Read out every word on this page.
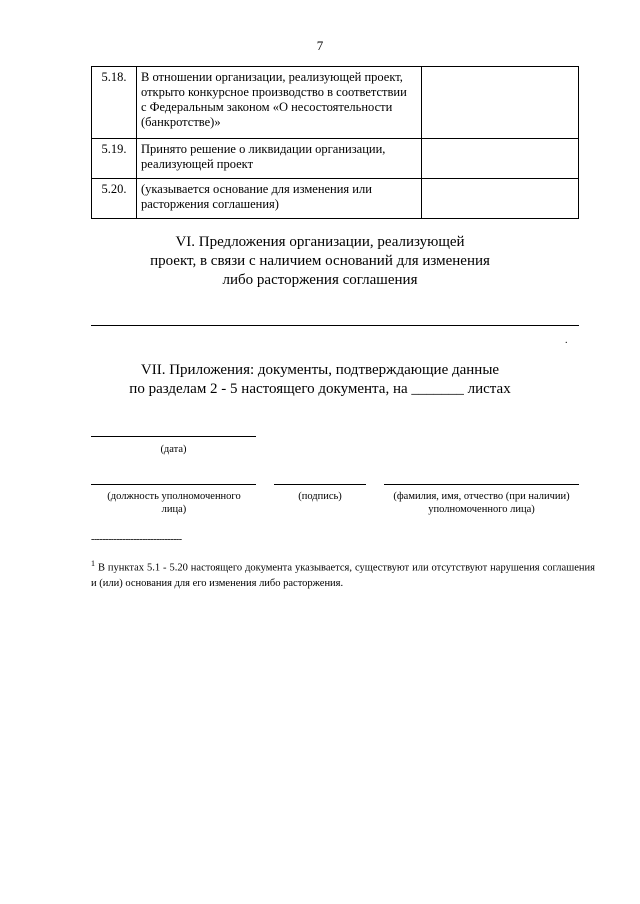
7
5.18.	В отношении организации, реализующей проект,
открыто конкурсное производство в соответствии
с Федеральным законом «О несостоятельности
(банкротстве)»	

5.19.	Принято решение о ликвидации организации,
реализующей проект	

5.20.	(указывается основание для изменения или
расторжения соглашения)	

VI. Предложения организации, реализующей
проект, в связи с наличием оснований для изменения
либо расторжения соглашения
.
VII. Приложения: документы, подтверждающие данные
по разделам 2 - 5 настоящего документа, на _______ листах
(дата)
(должность уполномоченного
лица)
(подпись)	(фамилия, имя, отчество (при наличии)
уполномоченного лица)
--------------------------------
$^1$ В пунктах 5.1 - 5.20 настоящего документа указывается, существуют или отсутствуют нарушения соглашения и (или) основания для его изменения либо расторжения.
